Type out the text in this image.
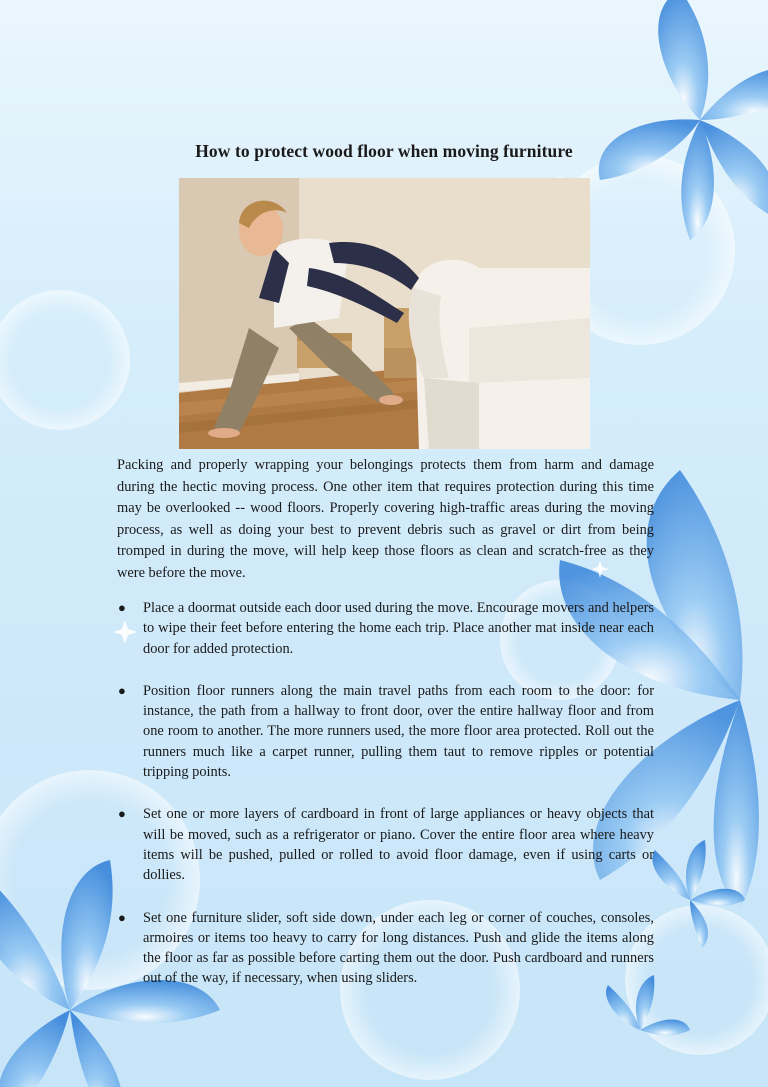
How to protect wood floor when moving furniture

Packing and properly wrapping your belongings protects them from harm and damage during the hectic moving process. One other item that requires protection during this time may be overlooked -- wood floors. Properly covering high-traffic areas during the moving process, as well as doing your best to prevent debris such as gravel or dirt from being tromped in during the move, will help keep those floors as clean and scratch-free as they were before the move.

● Place a doormat outside each door used during the move. Encourage movers and helpers to wipe their feet before entering the home each trip. Place another mat inside near each door for added protection.
● Position floor runners along the main travel paths from each room to the door: for instance, the path from a hallway to front door, over the entire hallway floor and from one room to another. The more runners used, the more floor area protected. Roll out the runners much like a carpet runner, pulling them taut to remove ripples or potential tripping points.
● Set one or more layers of cardboard in front of large appliances or heavy objects that will be moved, such as a refrigerator or piano. Cover the entire floor area where heavy items will be pushed, pulled or rolled to avoid floor damage, even if using carts or dollies.
● Set one furniture slider, soft side down, under each leg or corner of couches, consoles, armoires or items too heavy to carry for long distances. Push and glide the items along the floor as far as possible before carting them out the door. Push cardboard and runners out of the way, if necessary, when using sliders.
